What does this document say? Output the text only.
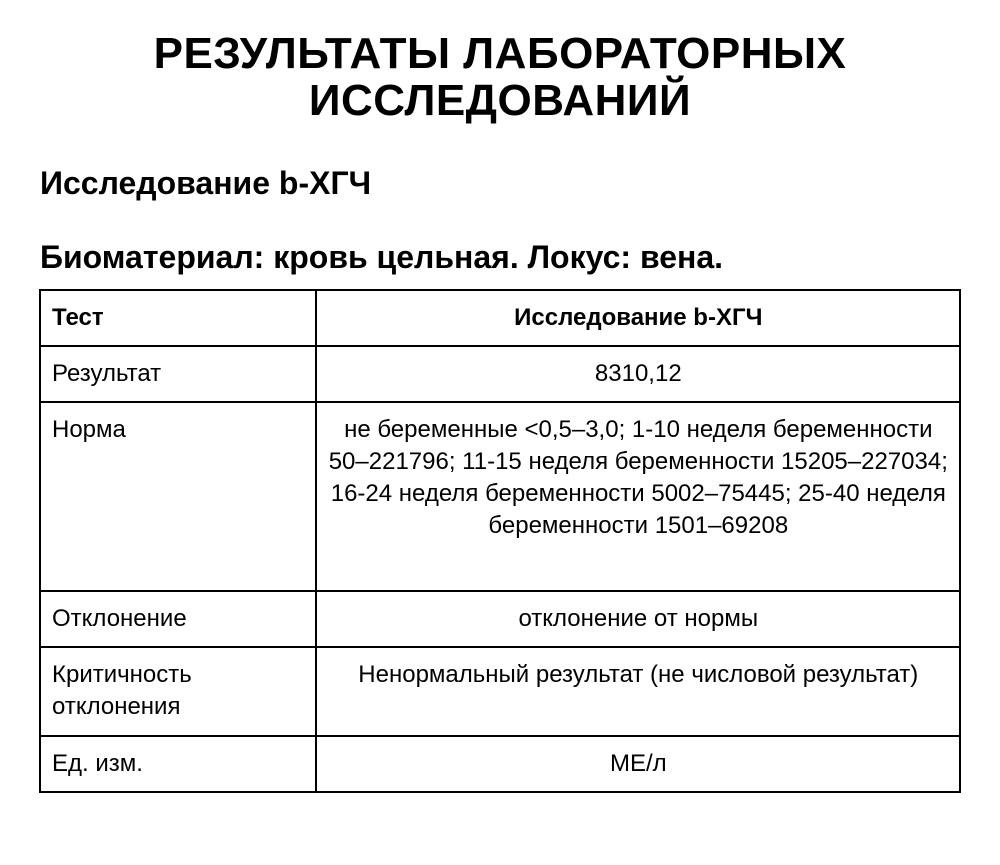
РЕЗУЛЬТАТЫ ЛАБОРАТОРНЫХ
ИССЛЕДОВАНИЙ
Исследование b-ХГЧ

Биоматериал: кровь цельная. Локус: вена.

Тест	Исследование b-ХГЧ
Результат	8310,12
Норма	не беременные <0,5–3,0; 1-10 неделя беременности 50–221796; 11-15 неделя беременности 15205–227034; 16-24 неделя беременности 5002–75445; 25-40 неделя беременности 1501–69208
Отклонение	отклонение от нормы
Критичность отклонения	Ненормальный результат (не числовой результат)
Ед. изм.	МЕ/л
